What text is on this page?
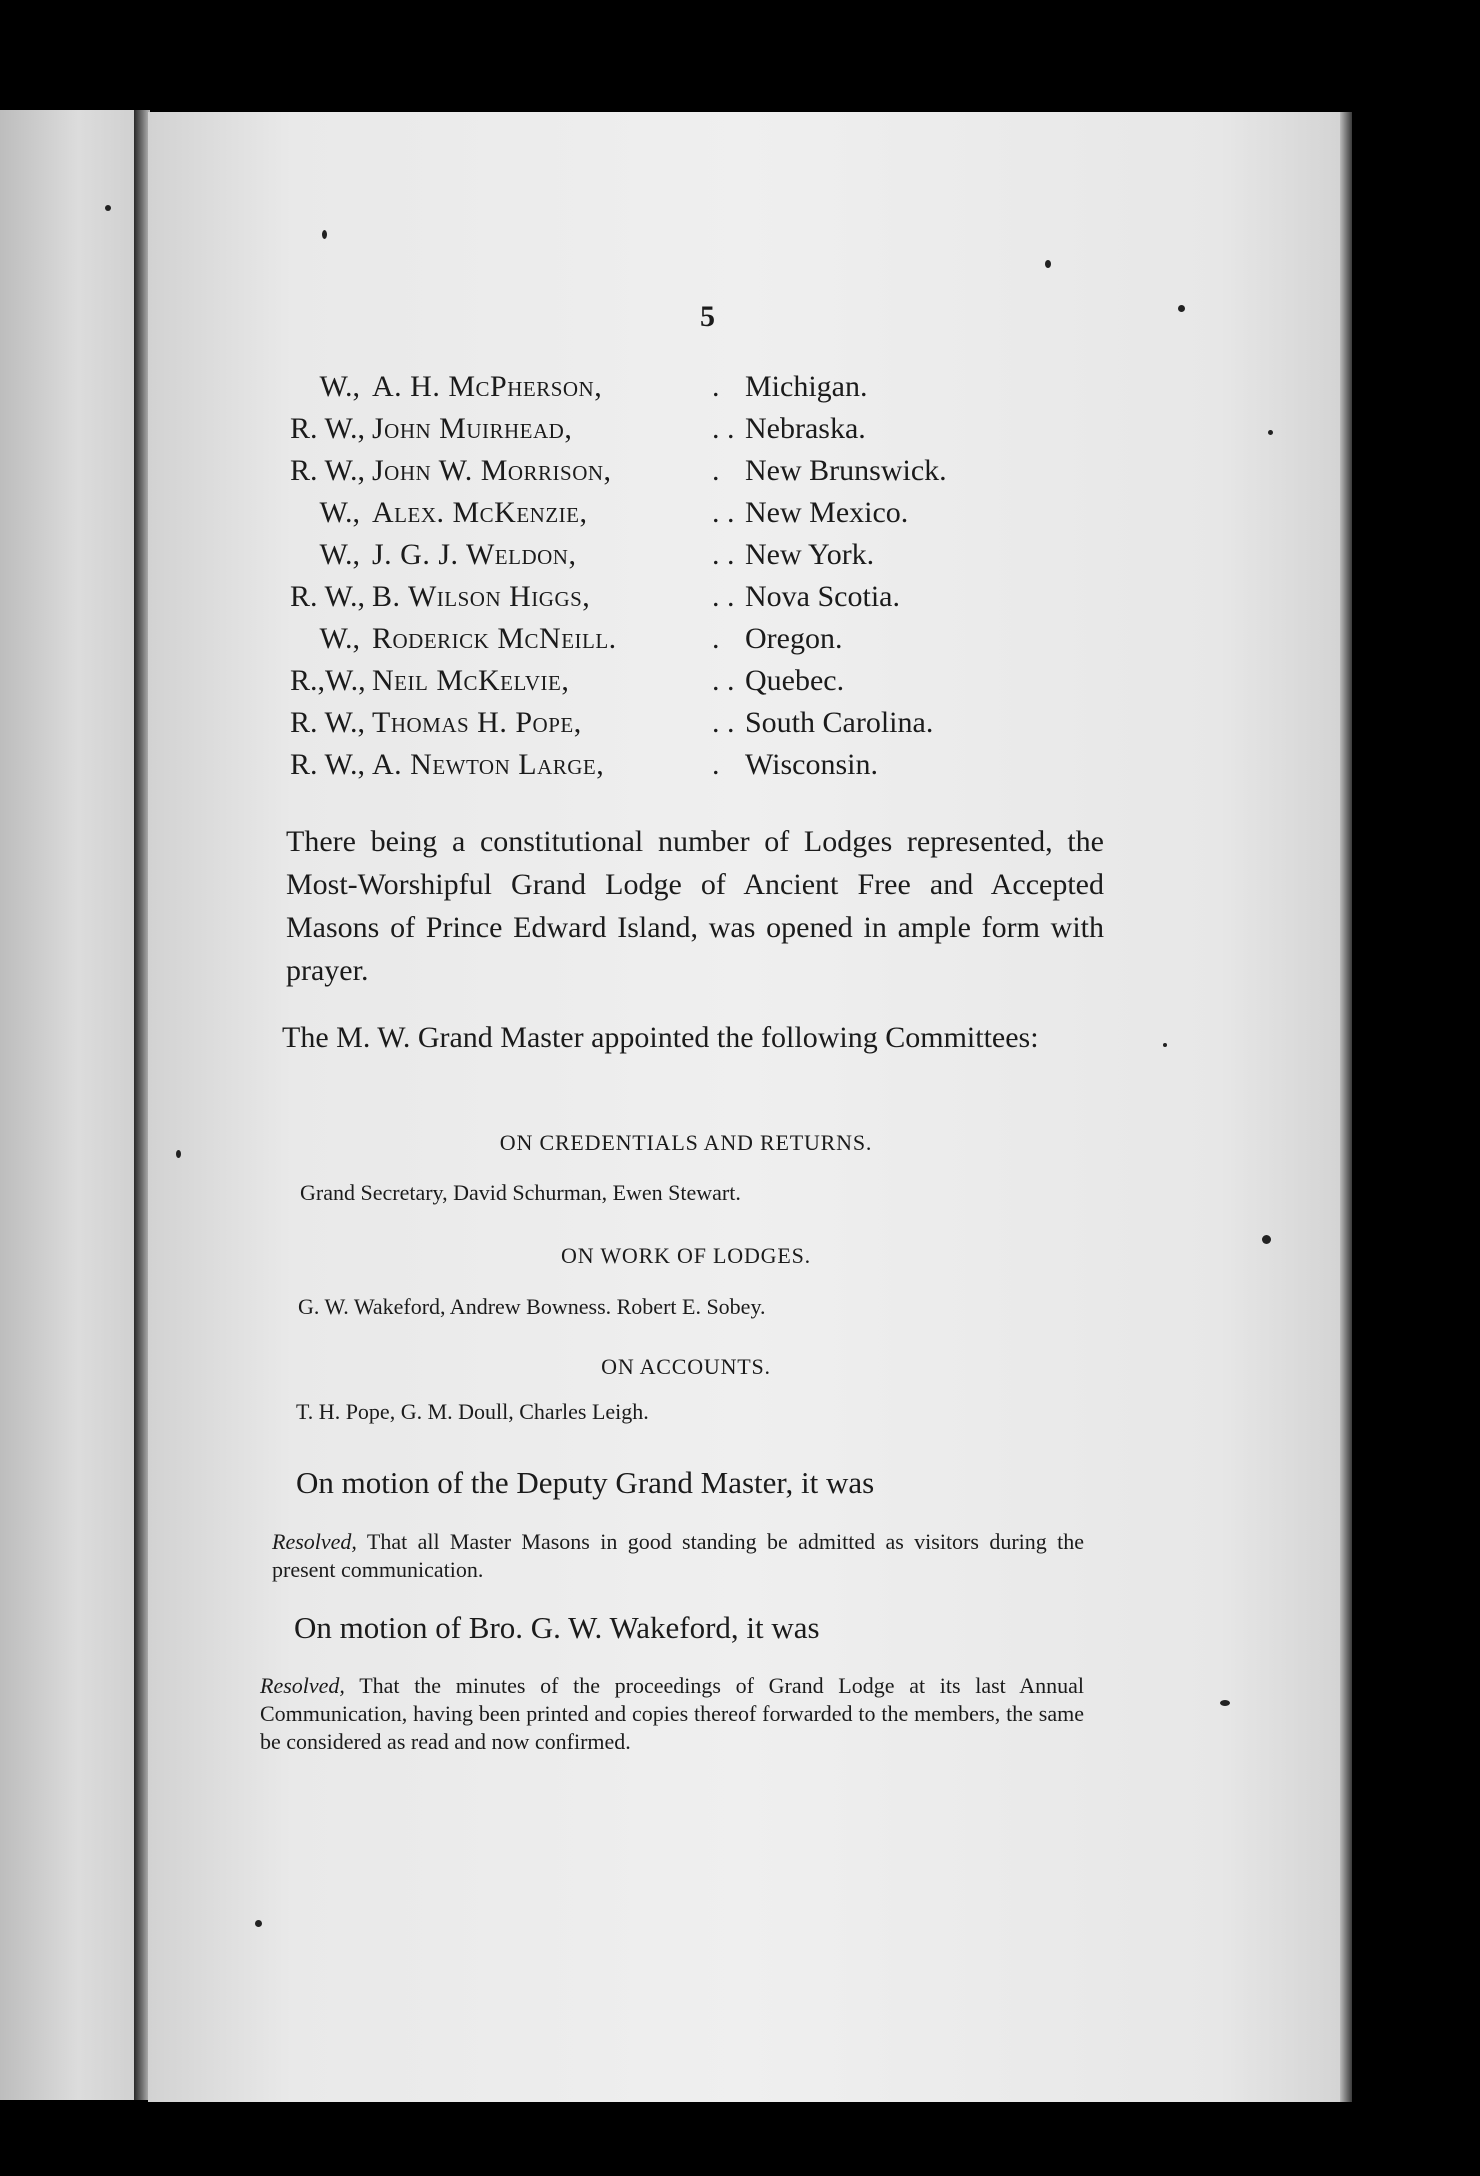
5
W., A. H. McPherson,	. Michigan.
R. W., John Muirhead,	. . Nebraska.
R. W., John W. Morrison,	. New Brunswick.
W., Alex. McKenzie,	. . New Mexico.
W., J. G. J. Weldon,	. . New York.
R. W., B. Wilson Higgs,	. . Nova Scotia.
W., Roderick McNeill.	. Oregon.
R.,W., Neil McKelvie,	. . Quebec.
R. W., Thomas H. Pope,	. . South Carolina.
R. W., A. Newton Large,	. Wisconsin.

There being a constitutional number of Lodges represented, the Most-Worshipful Grand Lodge of Ancient Free and Accepted Masons of Prince Edward Island, was opened in ample form with prayer.

The M. W. Grand Master appointed the following Committees:

ON CREDENTIALS AND RETURNS.
Grand Secretary, David Schurman, Ewen Stewart.
ON WORK OF LODGES.
G. W. Wakeford, Andrew Bowness. Robert E. Sobey.
ON ACCOUNTS.
T. H. Pope, G. M. Doull, Charles Leigh.
On motion of the Deputy Grand Master, it was
Resolved, That all Master Masons in good standing be admitted as visitors during the present communication.
On motion of Bro. G. W. Wakeford, it was
Resolved, That the minutes of the proceedings of Grand Lodge at its last Annual Communication, having been printed and copies thereof forwarded to the members, the same be considered as read and now confirmed.
